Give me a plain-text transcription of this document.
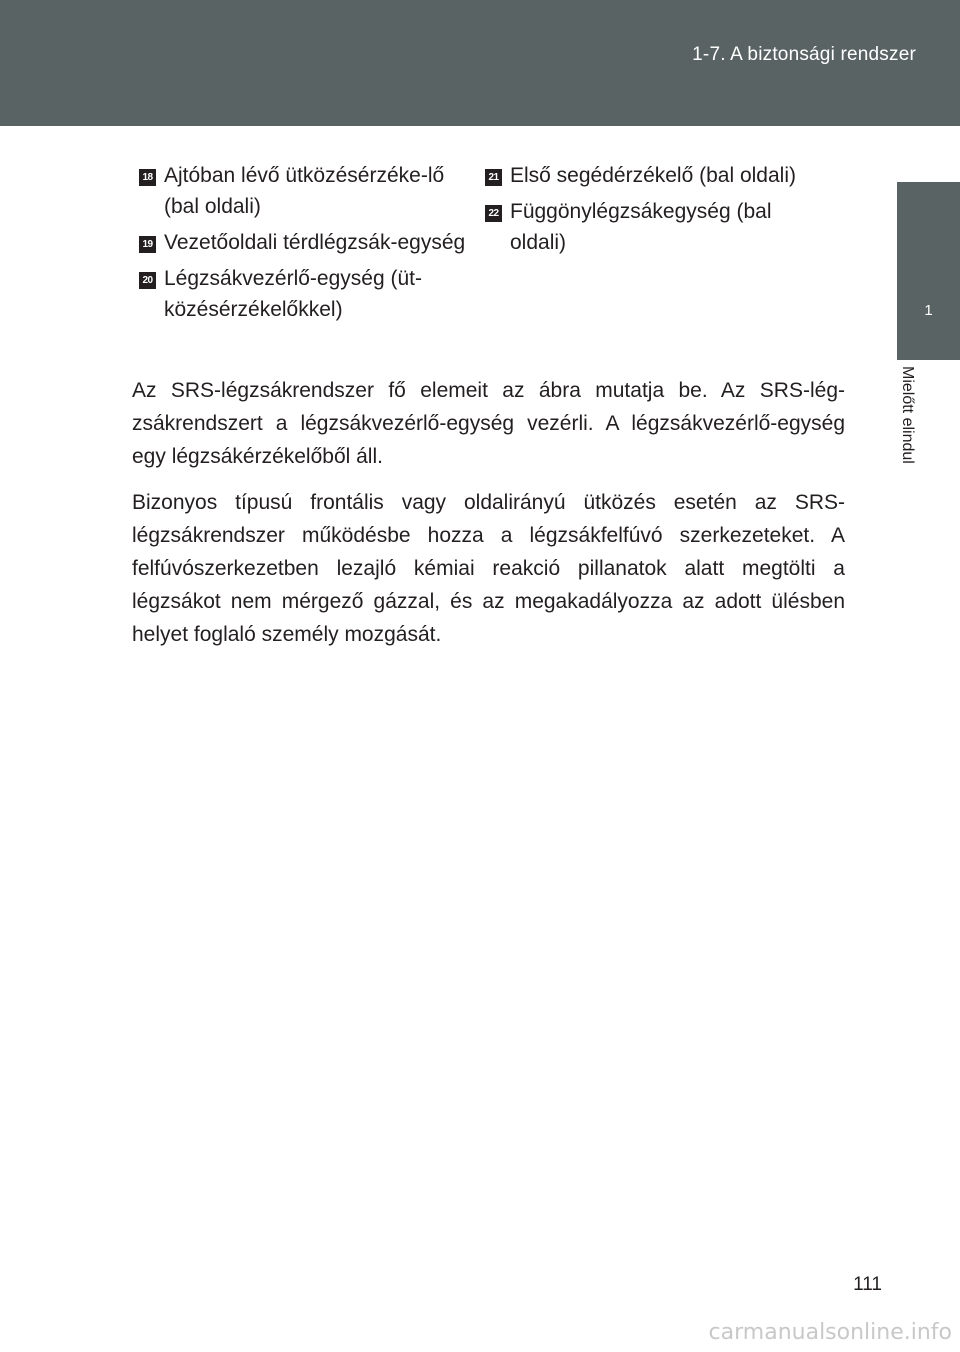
1-7. A biztonsági rendszer
1
Mielőtt elindul
18 Ajtóban lévő ütközésérzéke-lő (bal oldali)
19 Vezetőoldali térdlégzsák-egység
20 Légzsákvezérlő-egység (üt-közésérzékelőkkel)
21 Első segédérzékelő (bal oldali)
22 Függönylégzsákegység (bal oldali)

Az SRS-légzsákrendszer fő elemeit az ábra mutatja be. Az SRS-lég-zsákrendszert a légzsákvezérlő-egység vezérli. A légzsákvezérlő-egység egy légzsákérzékelőből áll.

Bizonyos típusú frontális vagy oldalirányú ütközés esetén az SRS-légzsákrendszer működésbe hozza a légzsákfelfúvó szerkezeteket. A felfúvószerkezetben lezajló kémiai reakció pillanatok alatt megtölti a légzsákot nem mérgező gázzal, és az megakadályozza az adott ülésben helyet foglaló személy mozgását.

111
carmanualsonline.info
